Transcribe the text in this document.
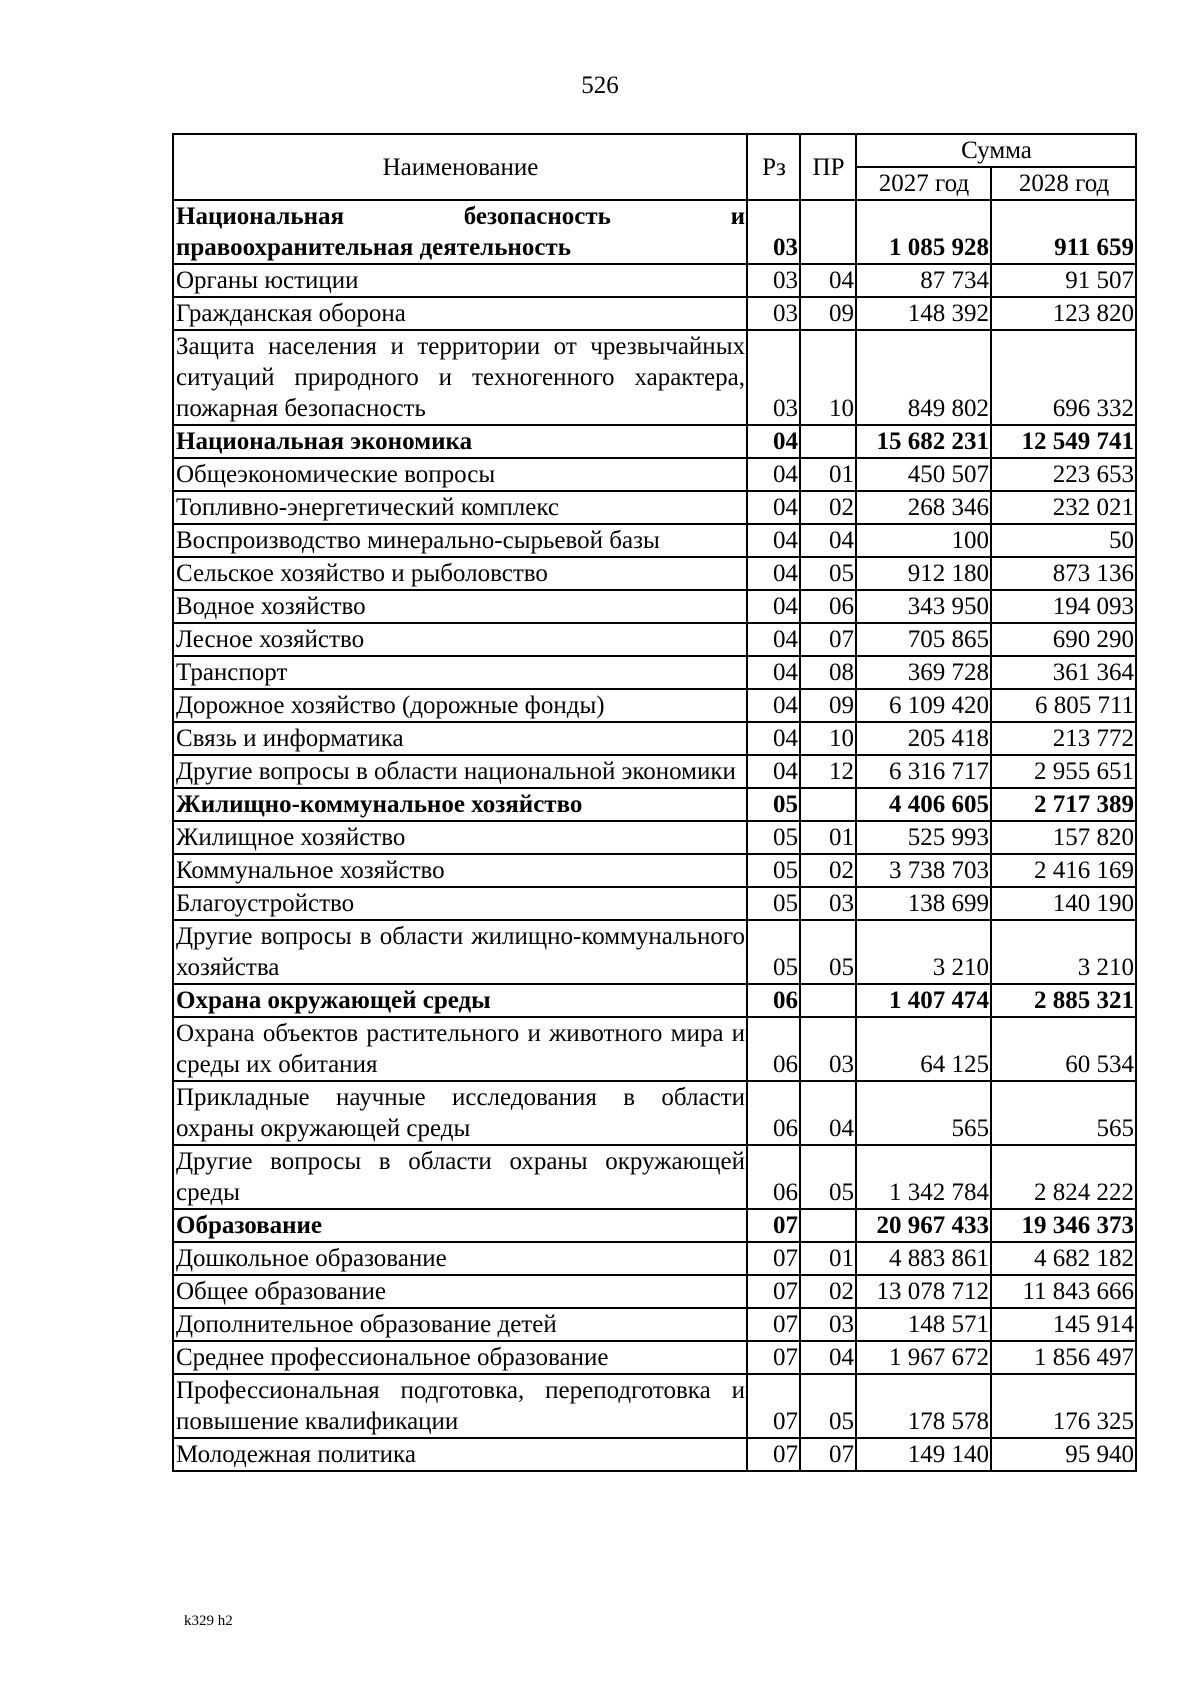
526
Наименование	Рз	ПР	Сумма	
			2027 год	2028 год
Национальная безопасность и правоохранительная деятельность	03		1 085 928	911 659
Органы юстиции	03	04	87 734	91 507
Гражданская оборона	03	09	148 392	123 820
Защита населения и территории от чрезвычайных ситуаций природного и техногенного характера, пожарная безопасность	03	10	849 802	696 332
Национальная экономика	04		15 682 231	12 549 741
Общеэкономические вопросы	04	01	450 507	223 653
Топливно-энергетический комплекс	04	02	268 346	232 021
Воспроизводство минерально-сырьевой базы	04	04	100	50
Сельское хозяйство и рыболовство	04	05	912 180	873 136
Водное хозяйство	04	06	343 950	194 093
Лесное хозяйство	04	07	705 865	690 290
Транспорт	04	08	369 728	361 364
Дорожное хозяйство (дорожные фонды)	04	09	6 109 420	6 805 711
Связь и информатика	04	10	205 418	213 772
Другие вопросы в области национальной экономики	04	12	6 316 717	2 955 651
Жилищно-коммунальное хозяйство	05		4 406 605	2 717 389
Жилищное хозяйство	05	01	525 993	157 820
Коммунальное хозяйство	05	02	3 738 703	2 416 169
Благоустройство	05	03	138 699	140 190
Другие вопросы в области жилищно-коммунального хозяйства	05	05	3 210	3 210
Охрана окружающей среды	06		1 407 474	2 885 321
Охрана объектов растительного и животного мира и среды их обитания	06	03	64 125	60 534
Прикладные научные исследования в области охраны окружающей среды	06	04	565	565
Другие вопросы в области охраны окружающей среды	06	05	1 342 784	2 824 222
Образование	07		20 967 433	19 346 373
Дошкольное образование	07	01	4 883 861	4 682 182
Общее образование	07	02	13 078 712	11 843 666
Дополнительное образование детей	07	03	148 571	145 914
Среднее профессиональное образование	07	04	1 967 672	1 856 497
Профессиональная подготовка, переподготовка и повышение квалификации	07	05	178 578	176 325
Молодежная политика	07	07	149 140	95 940
k329 h2
